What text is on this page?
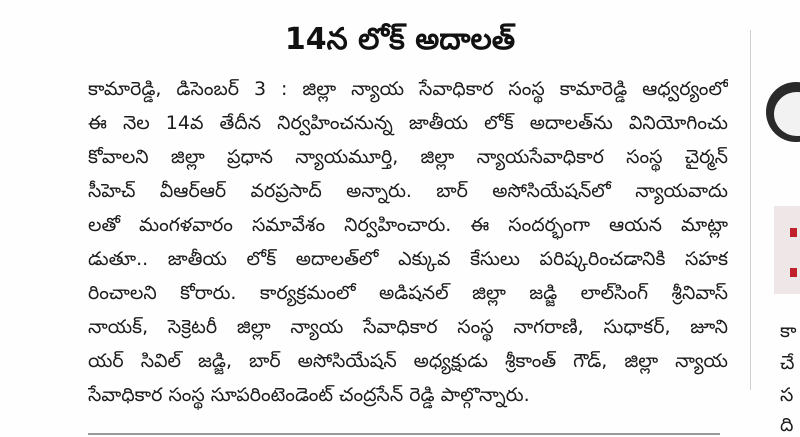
14న లోక్ అదాలత్
కామారెడ్డి, డిసెంబర్ 3 : జిల్లా న్యాయ సేవాధికార సంస్థ కామారెడ్డి ఆధ్వర్యంలో
ఈ నెల 14వ తేదీన నిర్వహించనున్న జాతీయ లోక్ అదాలత్‌ను వినియోగించు
కోవాలని జిల్లా ప్రధాన న్యాయమూర్తి, జిల్లా న్యాయసేవాధికార సంస్థ చైర్మన్
సీహెచ్ వీఆర్ఆర్ వరప్రసాద్ అన్నారు. బార్ అసోసియేషన్‌లో న్యాయవాదు
లతో మంగళవారం సమావేశం నిర్వహించారు. ఈ సందర్భంగా ఆయన మాట్లా
డుతూ.. జాతీయ లోక్ అదాలత్‌లో ఎక్కువ కేసులు పరిష్కరించడానికి సహక
రించాలని కోరారు. కార్యక్రమంలో అడిషనల్ జిల్లా జడ్జి లాల్‌సింగ్ శ్రీనివాస్
నాయక్, సెక్రెటరీ జిల్లా న్యాయ సేవాధికార సంస్థ నాగరాణి, సుధాకర్, జూని
యర్ సివిల్ జడ్జి, బార్ అసోసియేషన్ అధ్యక్షుడు శ్రీకాంత్ గౌడ్, జిల్లా న్యాయ
సేవాధికార సంస్థ సూపరింటెండెంట్ చంద్రసేన్ రెడ్డి పాల్గొన్నారు.
కా
చే
స
ది
